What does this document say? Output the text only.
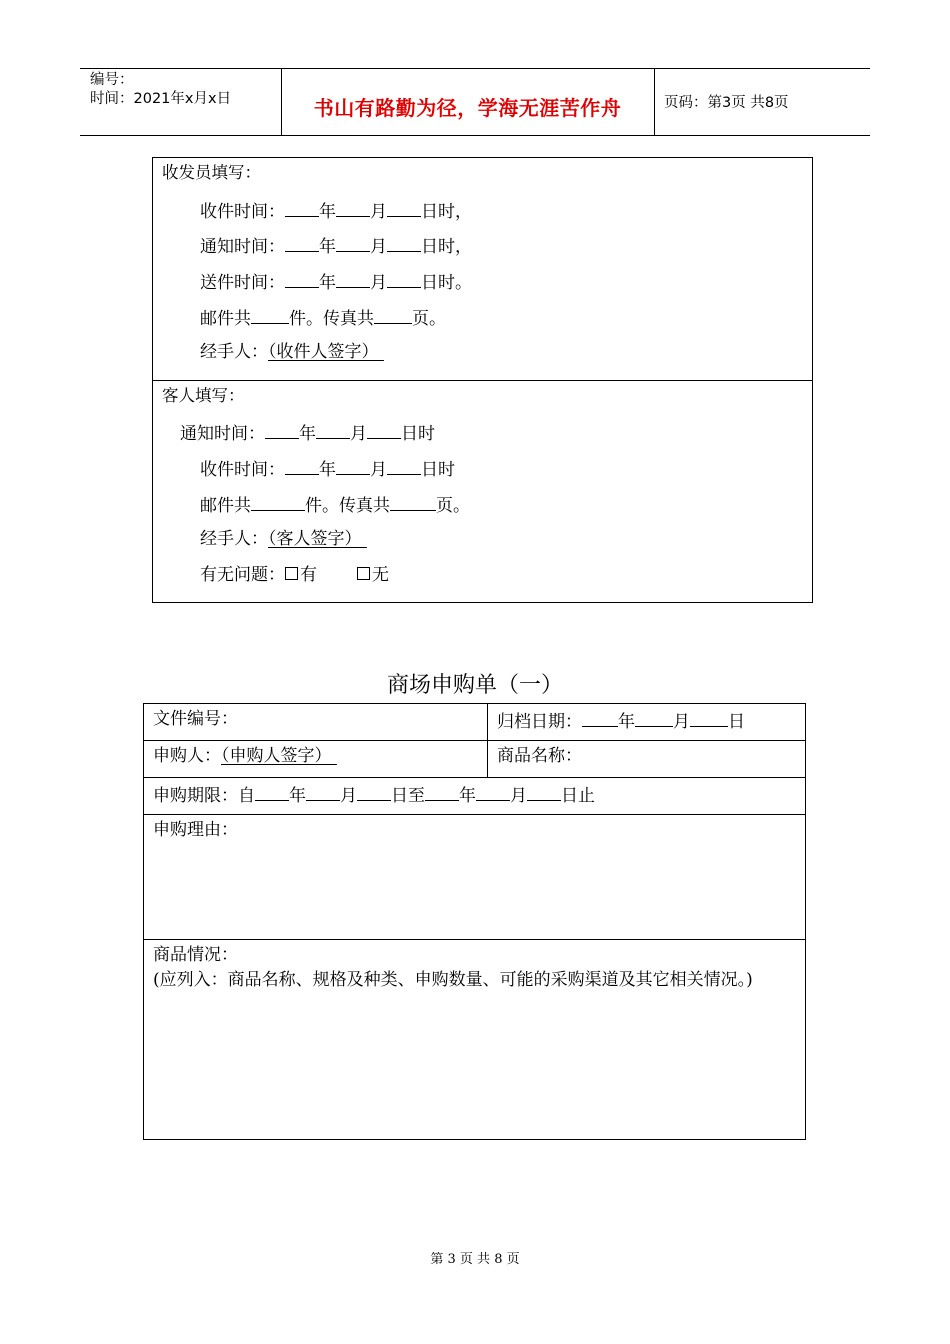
编号：
时间：2021年x月x日	书山有路勤为径，学海无涯苦作舟	页码：第3页 共8页
收发员填写：
收件时间： 年 月 日时，
通知时间： 年 月 日时，
送件时间： 年 月 日时。
邮件共 件。传真共 页。
经手人：（收件人签字）
客人填写：
通知时间： 年 月 日时
收件时间： 年 月 日时
邮件共	件。传真共	页。
经手人：（客人签字）
有无问题： 有	无
商场申购单（一）
文件编号：	归档日期： 年 月 日
申购人：（申购人签字）	商品名称：
申购期限：自 年 月 日至 年 月 日止
申购理由：
商品情况：
(应列入：商品名称、规格及种类、申购数量、可能的采购渠道及其它相关情况。)
第 3 页 共 8 页
